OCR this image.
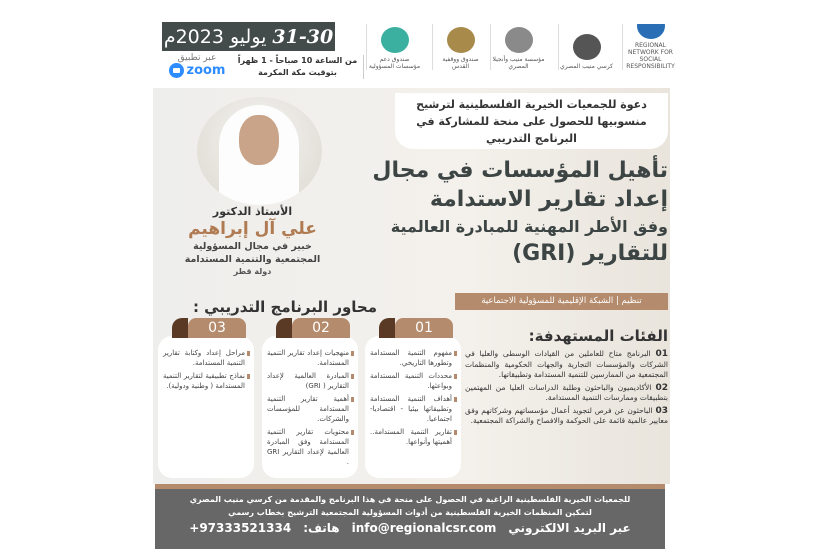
31-30
يوليو 2023م
عبر تطبيق
zoom
من الساعة 10 صباحاً - 1 ظهراً
بتوقيت مكة المكرمة
REGIONAL NETWORK FOR SOCIAL RESPONSIBILITY
كرسي منيب المصري
مؤسسة منيب وأنجيلا المصري
صندوق ووقفية القدس
صندوق دعم مؤسسات المسؤولية
دعوة للجمعيات الخيرية الفلسطينية لترشيح
منسوبيها للحصول على منحة للمشاركة في
البرنامج التدريبي
تأهيل المؤسسات في مجال
إعداد تقارير الاستدامة
وفق الأطر المهنية للمبادرة العالمية
للتقارير (GRI)
تنظيم | الشبكة الإقليمية للمسؤولية الاجتماعية
الأستاذ الدكتور
علي آل إبراهيم
خبير في مجال المسؤولية
المجتمعية والتنمية المستدامة
دولة قطر
مفهوم التنمية المستدامة وتطورها التاريخي.
محددات التنمية المستدامة وبواعثها.
أهداف التنمية المستدامة وتطبيقاتها بيئيا - اقتصاديا- اجتماعيا.
تقارير التنمية المستدامة.. أهميتها وأنواعها.
01
منهجيات إعداد تقارير التنمية المستدامة.
المبادرة العالمية لإعداد التقارير ( GRI)
أهمية تقارير التنمية المستدامة للمؤسسات والشركات.
محتويات تقارير التنمية المستدامة وفق المبادرة العالمية لإعداد التقارير GRI .
02
مراحل إعداد وكتابة تقارير التنمية المستدامة.
نماذج تطبيقية لتقارير التنمية المستدامة ( وطنية ودولية).
03
محاور البرنامج التدريبي :
الفئات المستهدفة:

01 البرنامج متاح للعاملين من القيادات الوسطى والعليا في الشركات والمؤسسات التجارية والجهات الحكومية والمنظمات المجتمعية من الممارسين للتنمية المستدامة وتطبيقاتها.

02 الأكاديميون والباحثون وطلبة الدراسات العليا من المهتمين بتطبيقات وممارسات التنمية المستدامة.

03 الباحثون عن فرص لتجويد أعمال مؤسساتهم وشركاتهم وفق معايير عالمية قائمة على الحوكمة والافصاح والشراكة المجتمعية.

للجمعيات الخيرية الفلسطينية الراغبة في الحصول على منحة في هذا البرنامج والمقدمة من كرسي منيب المصري
لتمكين المنظمات الخيرية الفلسطينية من أدوات المسؤولية المجتمعية الترشيح بخطاب رسمي
عبر البريد الالكترونيinfo@regionalcsr.comهاتف:+97333521334
